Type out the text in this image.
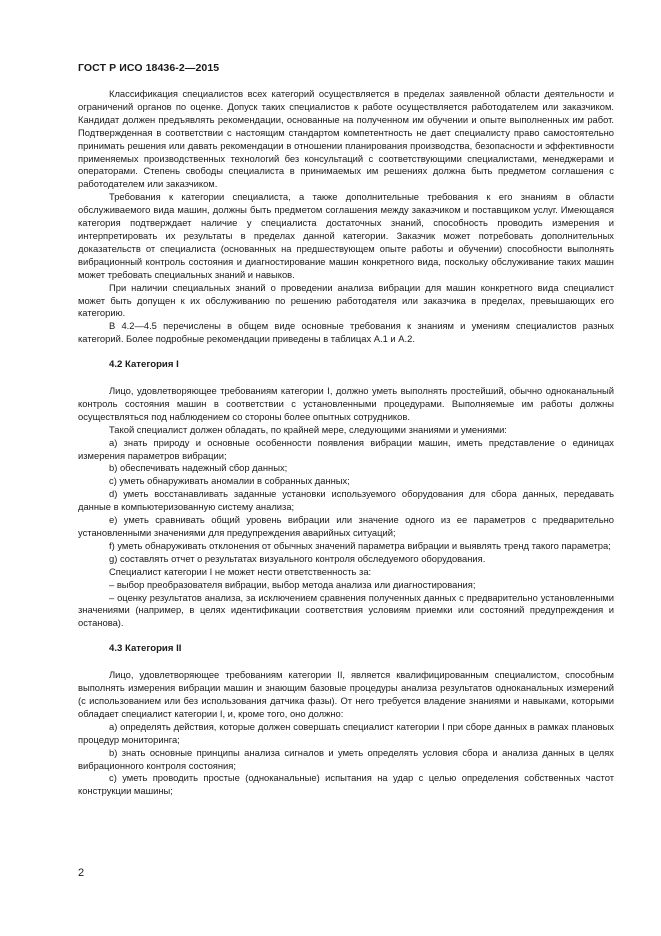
ГОСТ Р ИСО 18436-2—2015

Классификация специалистов всех категорий осуществляется в пределах заявленной области деятельности и ограничений органов по оценке. Допуск таких специалистов к работе осуществляется работодателем или заказчиком. Кандидат должен предъявлять рекомендации, основанные на полученном им обучении и опыте выполненных им работ. Подтвержденная в соответствии с настоящим стандартом компетентность не дает специалисту право самостоятельно принимать решения или давать рекомендации в отношении планирования производства, безопасности и эффективности применяемых производственных технологий без консультаций с соответствующими специалистами, менеджерами и операторами. Степень свободы специалиста в принимаемых им решениях должна быть предметом соглашения с работодателем или заказчиком.

Требования к категории специалиста, а также дополнительные требования к его знаниям в области обслуживаемого вида машин, должны быть предметом соглашения между заказчиком и поставщиком услуг. Имеющаяся категория подтверждает наличие у специалиста достаточных знаний, способность проводить измерения и интерпретировать их результаты в пределах данной категории. Заказчик может потребовать дополнительных доказательств от специалиста (основанных на предшествующем опыте работы и обучении) способности выполнять вибрационный контроль состояния и диагностирование машин конкретного вида, поскольку обслуживание таких машин может требовать специальных знаний и навыков.

При наличии специальных знаний о проведении анализа вибрации для машин конкретного вида специалист может быть допущен к их обслуживанию по решению работодателя или заказчика в пределах, превышающих его категорию.

В 4.2—4.5 перечислены в общем виде основные требования к знаниям и умениям специалистов разных категорий. Более подробные рекомендации приведены в таблицах А.1 и А.2.

4.2 Категория I

Лицо, удовлетворяющее требованиям категории I, должно уметь выполнять простейший, обычно одноканальный контроль состояния машин в соответствии с установленными процедурами. Выполняемые им работы должны осуществляться под наблюдением со стороны более опытных сотрудников.

Такой специалист должен обладать, по крайней мере, следующими знаниями и умениями:

a) знать природу и основные особенности появления вибрации машин, иметь представление о единицах измерения параметров вибрации;

b) обеспечивать надежный сбор данных;

c) уметь обнаруживать аномалии в собранных данных;

d) уметь восстанавливать заданные установки используемого оборудования для сбора данных, передавать данные в компьютеризованную систему анализа;

e) уметь сравнивать общий уровень вибрации или значение одного из ее параметров с предварительно установленными значениями для предупреждения аварийных ситуаций;

f) уметь обнаруживать отклонения от обычных значений параметра вибрации и выявлять тренд такого параметра;

g) составлять отчет о результатах визуального контроля обследуемого оборудования.

Специалист категории I не может нести ответственность за:

– выбор преобразователя вибрации, выбор метода анализа или диагностирования;

– оценку результатов анализа, за исключением сравнения полученных данных с предварительно установленными значениями (например, в целях идентификации соответствия условиям приемки или состояний предупреждения и останова).

4.3 Категория II

Лицо, удовлетворяющее требованиям категории II, является квалифицированным специалистом, способным выполнять измерения вибрации машин и знающим базовые процедуры анализа результатов одноканальных измерений (с использованием или без использования датчика фазы). От него требуется владение знаниями и навыками, которыми обладает специалист категории I, и, кроме того, оно должно:

a) определять действия, которые должен совершать специалист категории I при сборе данных в рамках плановых процедур мониторинга;

b) знать основные принципы анализа сигналов и уметь определять условия сбора и анализа данных в целях вибрационного контроля состояния;

c) уметь проводить простые (одноканальные) испытания на удар с целью определения собственных частот конструкции машины;

2
